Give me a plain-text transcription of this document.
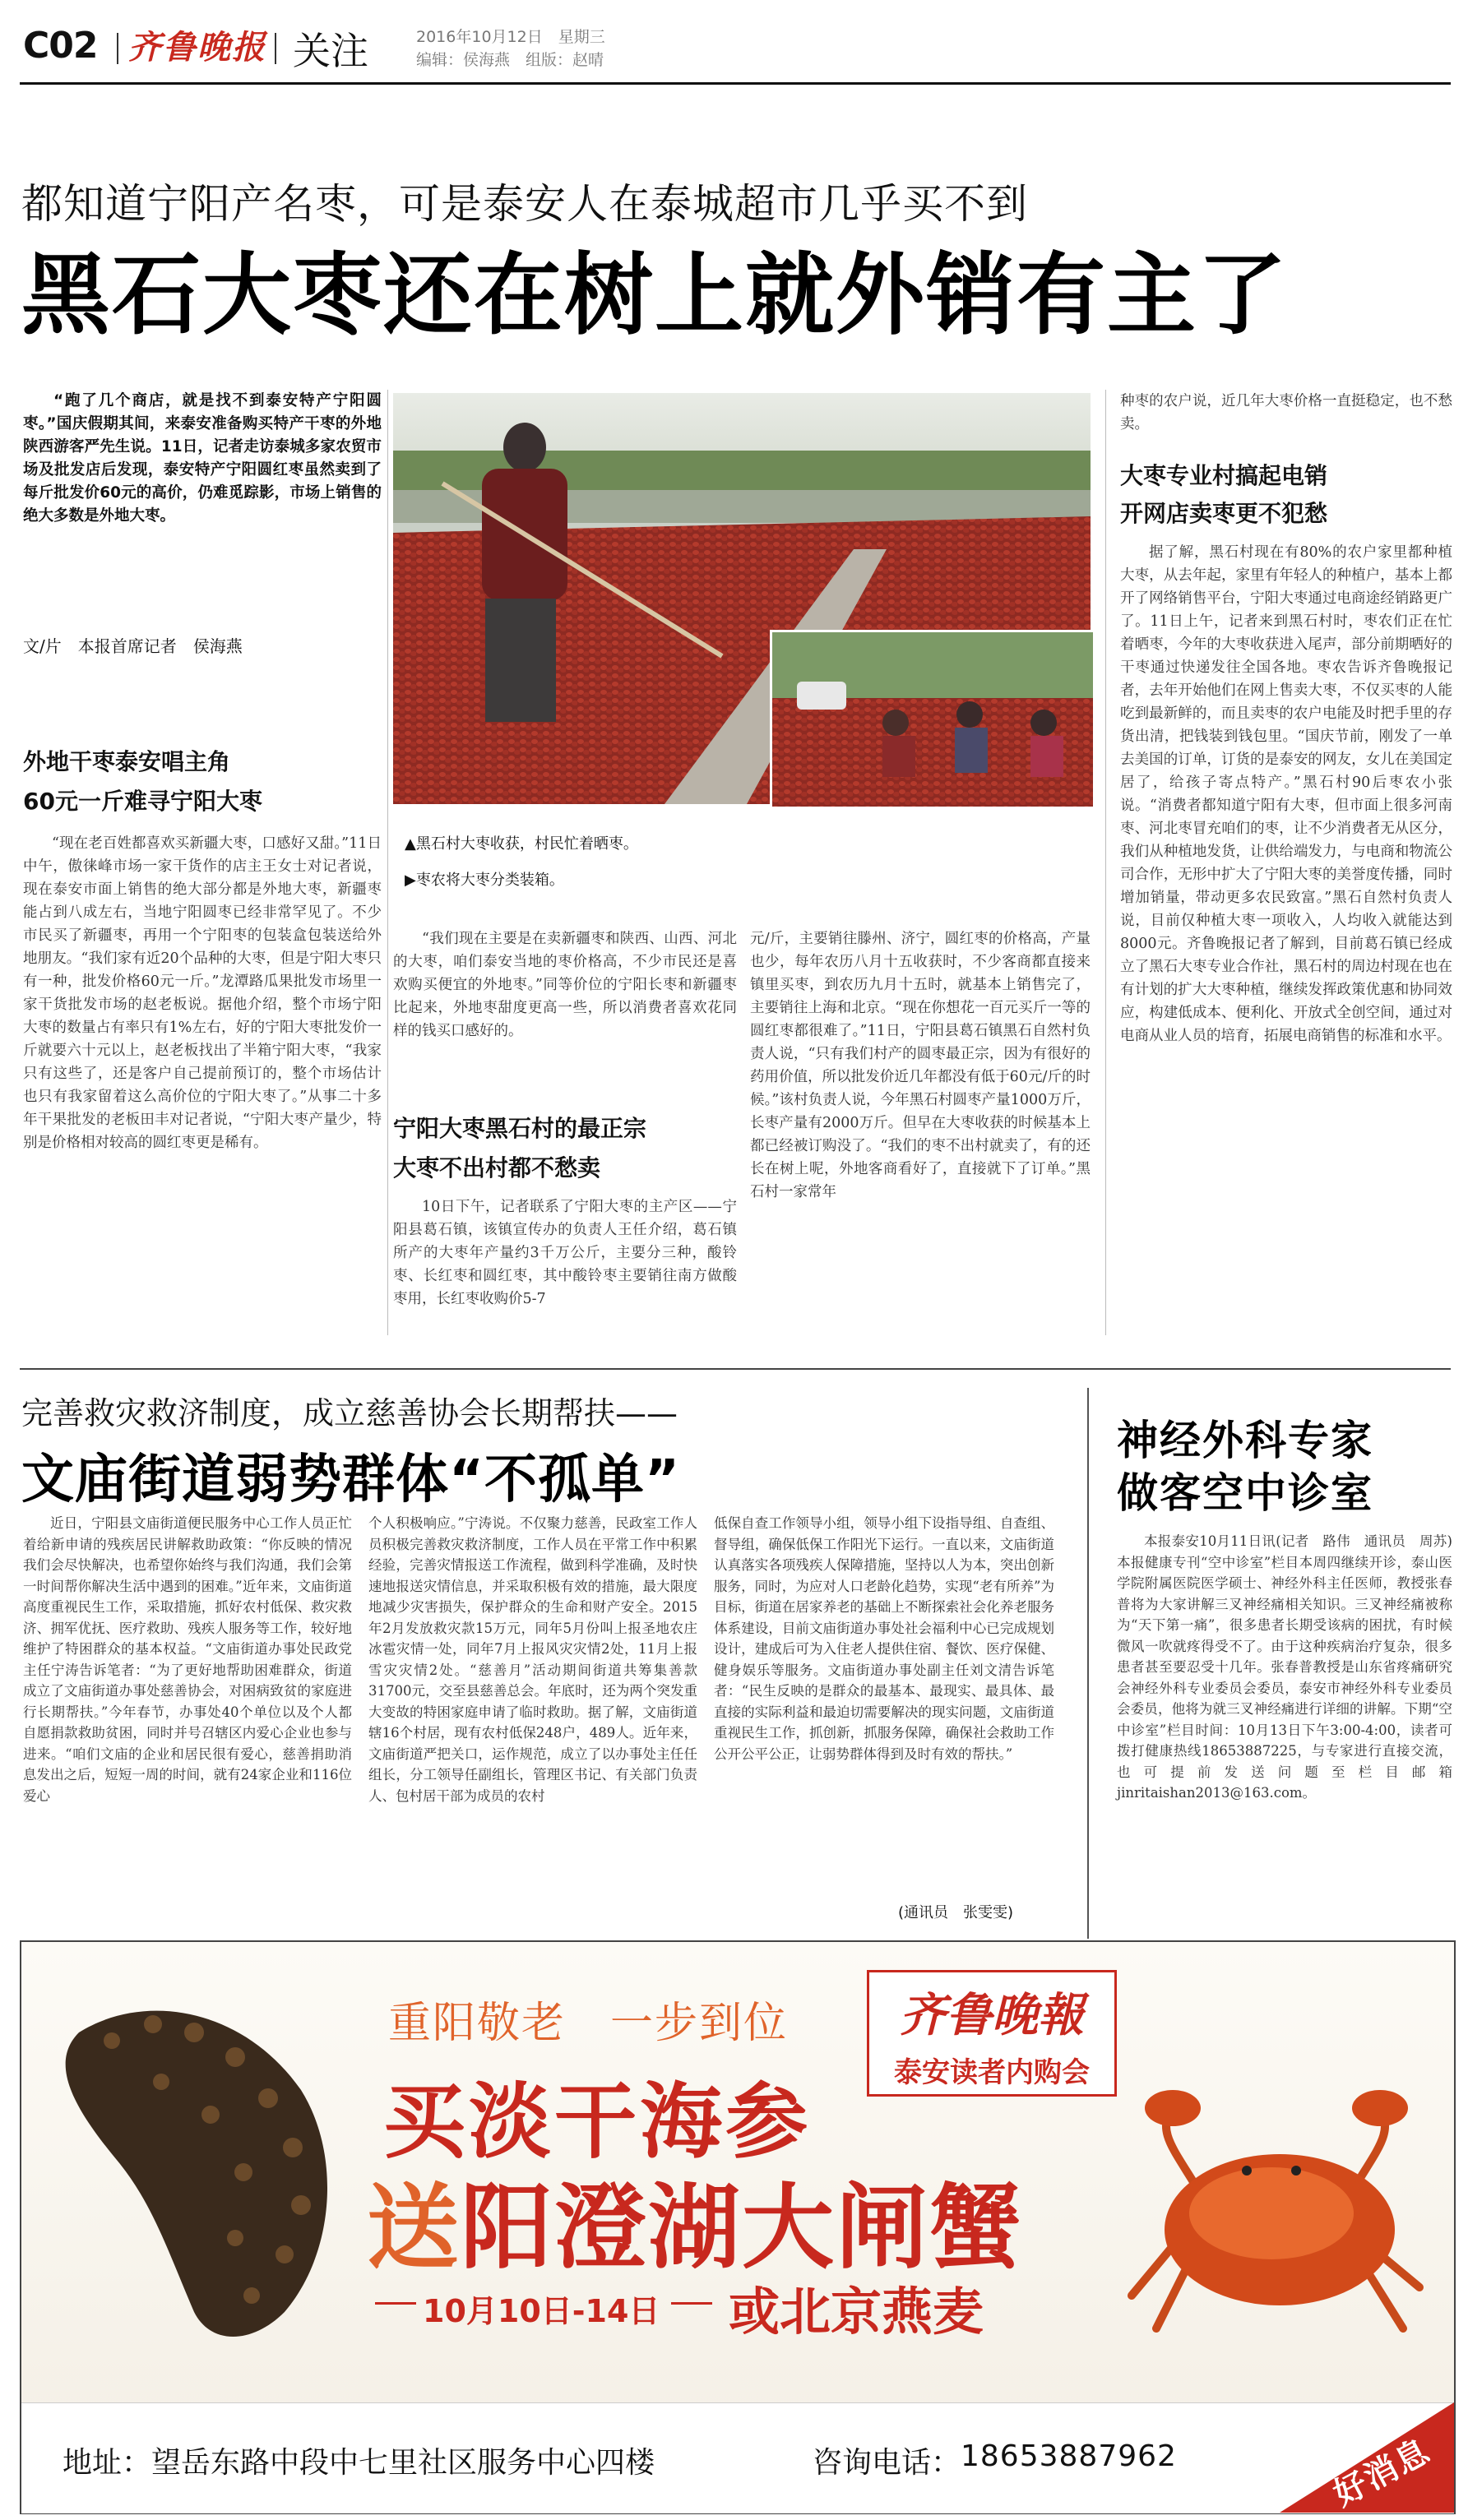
C02 齐鲁晚报 关注	2016年10月12日　星期三
编辑：侯海燕　组版：赵晴
都知道宁阳产名枣，可是泰安人在泰城超市几乎买不到
黑石大枣还在树上就外销有主了
“跑了几个商店，就是找不到泰安特产宁阳圆枣。”国庆假期其间，来泰安准备购买特产干枣的外地陕西游客严先生说。11日，记者走访泰城多家农贸市场及批发店后发现，泰安特产宁阳圆红枣虽然卖到了每斤批发价60元的高价，仍难觅踪影，市场上销售的绝大多数是外地大枣。
文/片　本报首席记者　侯海燕
▲黑石村大枣收获，村民忙着晒枣。
▶枣农将大枣分类装箱。
外地干枣泰安唱主角
60元一斤难寻宁阳大枣

“现在老百姓都喜欢买新疆大枣，口感好又甜。”11日中午，傲徕峰市场一家干货作的店主王女士对记者说，现在泰安市面上销售的绝大部分都是外地大枣，新疆枣能占到八成左右，当地宁阳圆枣已经非常罕见了。不少市民买了新疆枣，再用一个宁阳枣的包装盒包装送给外地朋友。“我们家有近20个品种的大枣，但是宁阳大枣只有一种，批发价格60元一斤。”龙潭路瓜果批发市场里一家干货批发市场的赵老板说。据他介绍，整个市场宁阳大枣的数量占有率只有1%左右，好的宁阳大枣批发价一斤就要六十元以上，赵老板找出了半箱宁阳大枣，“我家只有这些了，还是客户自己提前预订的，整个市场估计也只有我家留着这么高价位的宁阳大枣了。”从事二十多年干果批发的老板田丰对记者说，“宁阳大枣产量少，特别是价格相对较高的圆红枣更是稀有。

“我们现在主要是在卖新疆枣和陕西、山西、河北的大枣，咱们泰安当地的枣价格高，不少市民还是喜欢购买便宜的外地枣。”同等价位的宁阳长枣和新疆枣比起来，外地枣甜度更高一些，所以消费者喜欢花同样的钱买口感好的。

宁阳大枣黑石村的最正宗
大枣不出村都不愁卖

10日下午，记者联系了宁阳大枣的主产区——宁阳县葛石镇，该镇宣传办的负责人王任介绍，葛石镇所产的大枣年产量约3千万公斤，主要分三种，酸铃枣、长红枣和圆红枣，其中酸铃枣主要销往南方做酸枣用，长红枣收购价5-7

元/斤，主要销往滕州、济宁，圆红枣的价格高，产量也少，每年农历八月十五收获时，不少客商都直接来镇里买枣，到农历九月十五时，就基本上销售完了，主要销往上海和北京。“现在你想花一百元买斤一等的圆红枣都很难了。”11日，宁阳县葛石镇黑石自然村负责人说，“只有我们村产的圆枣最正宗，因为有很好的药用价值，所以批发价近几年都没有低于60元/斤的时候。”该村负责人说，今年黑石村圆枣产量1000万斤，长枣产量有2000万斤。但早在大枣收获的时候基本上都已经被订购没了。“我们的枣不出村就卖了，有的还长在树上呢，外地客商看好了，直接就下了订单。”黑石村一家常年

种枣的农户说，近几年大枣价格一直挺稳定，也不愁卖。

大枣专业村搞起电销
开网店卖枣更不犯愁

据了解，黑石村现在有80%的农户家里都种植大枣，从去年起，家里有年轻人的种植户，基本上都开了网络销售平台，宁阳大枣通过电商途经销路更广了。11日上午，记者来到黑石村时，枣农们正在忙着晒枣，今年的大枣收获进入尾声，部分前期晒好的干枣通过快递发往全国各地。枣农告诉齐鲁晚报记者，去年开始他们在网上售卖大枣，不仅买枣的人能吃到最新鲜的，而且卖枣的农户电能及时把手里的存货出清，把钱装到钱包里。“国庆节前，刚发了一单去美国的订单，订货的是泰安的网友，女儿在美国定居了，给孩子寄点特产。”黑石村90后枣农小张说。“消费者都知道宁阳有大枣，但市面上很多河南枣、河北枣冒充咱们的枣，让不少消费者无从区分，我们从种植地发货，让供给端发力，与电商和物流公司合作，无形中扩大了宁阳大枣的美誉度传播，同时增加销量，带动更多农民致富。”黑石自然村负责人说，目前仅种植大枣一项收入，人均收入就能达到8000元。齐鲁晚报记者了解到，目前葛石镇已经成立了黑石大枣专业合作社，黑石村的周边村现在也在有计划的扩大大枣种植，继续发挥政策优惠和协同效应，构建低成本、便利化、开放式全创空间，通过对电商从业人员的培育，拓展电商销售的标准和水平。

完善救灾救济制度，成立慈善协会长期帮扶——
文庙街道弱势群体“不孤单”

近日，宁阳县文庙街道便民服务中心工作人员正忙着给新申请的残疾居民讲解救助政策：“你反映的情况我们会尽快解决，也希望你始终与我们沟通，我们会第一时间帮你解决生活中遇到的困难。”近年来，文庙街道高度重视民生工作，采取措施，抓好农村低保、救灾救济、拥军优抚、医疗救助、残疾人服务等工作，较好地维护了特困群众的基本权益。“文庙街道办事处民政党主任宁涛告诉笔者：“为了更好地帮助困难群众，街道成立了文庙街道办事处慈善协会，对困病致贫的家庭进行长期帮扶。”今年春节，办事处40个单位以及个人都自愿捐款救助贫困，同时并号召辖区内爱心企业也参与进来。“咱们文庙的企业和居民很有爱心，慈善捐助消息发出之后，短短一周的时间，就有24家企业和116位爱心

个人积极响应。”宁涛说。不仅聚力慈善，民政室工作人员积极完善救灾救济制度，工作人员在平常工作中积累经验，完善灾情报送工作流程，做到科学准确，及时快速地报送灾情信息，并采取积极有效的措施，最大限度地减少灾害损失，保护群众的生命和财产安全。2015年2月发放救灾款15万元，同年5月份叫上报圣地农庄冰雹灾情一处，同年7月上报风灾灾情2处，11月上报雪灾灾情2处。“慈善月”活动期间街道共筹集善款31700元，交至县慈善总会。年底时，还为两个突发重大变故的特困家庭申请了临时救助。据了解，文庙街道辖16个村居，现有农村低保248户，489人。近年来，文庙街道严把关口，运作规范，成立了以办事处主任任组长，分工领导任副组长，管理区书记、有关部门负责人、包村居干部为成员的农村

低保自查工作领导小组，领导小组下设指导组、自查组、督导组，确保低保工作阳光下运行。一直以来，文庙街道认真落实各项残疾人保障措施，坚持以人为本，突出创新服务，同时，为应对人口老龄化趋势，实现“老有所养”为目标，街道在居家养老的基础上不断探索社会化养老服务体系建设，目前文庙街道办事处社会福利中心已完成规划设计，建成后可为入住老人提供住宿、餐饮、医疗保健、健身娱乐等服务。文庙街道办事处副主任刘文清告诉笔者：“民生反映的是群众的最基本、最现实、最具体、最直接的实际利益和最迫切需要解决的现实问题，文庙街道重视民生工作，抓创新，抓服务保障，确保社会救助工作公开公平公正，让弱势群体得到及时有效的帮扶。”

(通讯员　张雯雯)
神经外科专家
做客空中诊室

本报泰安10月11日讯(记者　路伟　通讯员　周苏)　本报健康专刊“空中诊室”栏目本周四继续开诊，泰山医学院附属医院医学硕士、神经外科主任医师，教授张春普将为大家讲解三叉神经痛相关知识。三叉神经痛被称为“天下第一痛”，很多患者长期受该病的困扰，有时候微风一吹就疼得受不了。由于这种疾病治疗复杂，很多患者甚至要忍受十几年。张春普教授是山东省疼痛研究会神经外科专业委员会委员，泰安市神经外科专业委员会委员，他将为就三叉神经痛进行详细的讲解。下期“空中诊室”栏目时间：10月13日下午3:00-4:00，读者可拨打健康热线18653887225，与专家进行直接交流，也可提前发送问题至栏目邮箱jinritaishan2013@163.com。

重阳敬老　一步到位	齐鲁晚報
泰安读者内购会
买淡干海参
送阳澄湖大闸蟹
10月10日-14日 或北京燕麦
地址： 望岳东路中段中七里社区服务中心四楼	咨询电话： 18653887962	好消息
